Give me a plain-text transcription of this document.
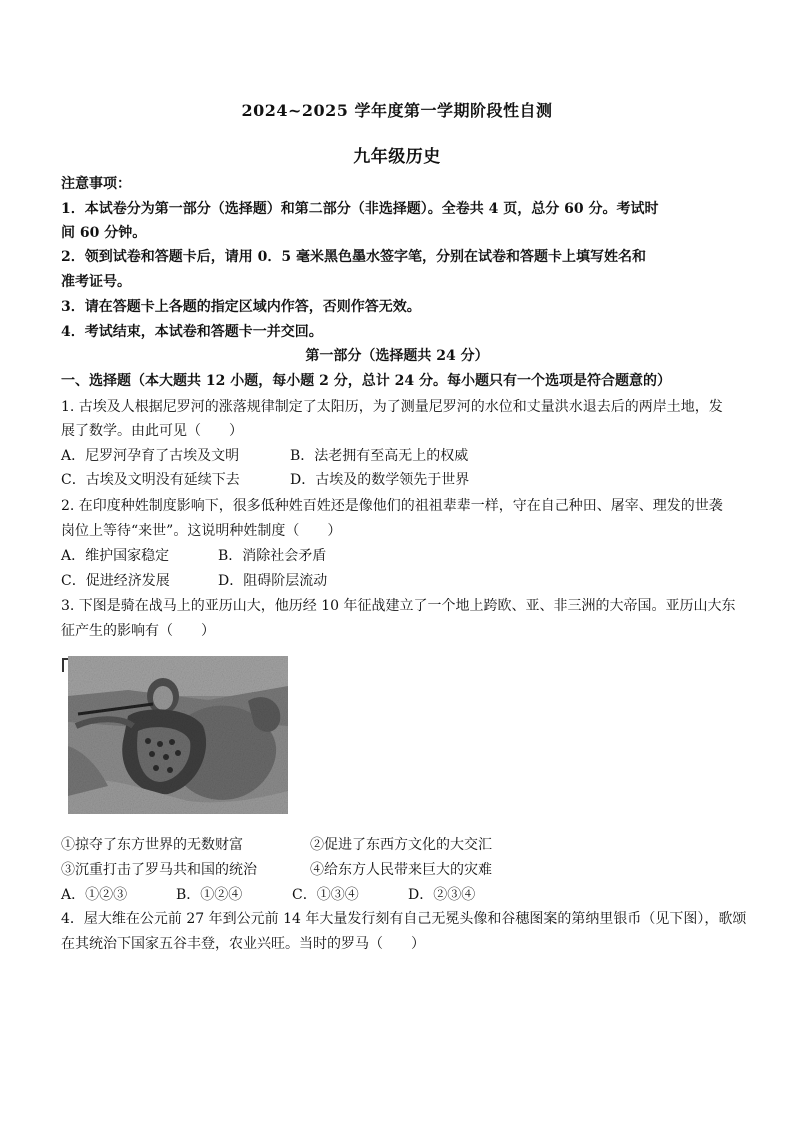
2024~2025 学年度第一学期阶段性自测
九年级历史
注意事项：
1．本试卷分为第一部分（选择题）和第二部分（非选择题）。全卷共 4 页，总分 60 分。考试时
间 60 分钟。
2．领到试卷和答题卡后，请用 0．5 毫米黑色墨水签字笔，分别在试卷和答题卡上填写姓名和
准考证号。
3．请在答题卡上各题的指定区域内作答，否则作答无效。
4．考试结束，本试卷和答题卡一并交回。
第一部分（选择题共 24 分）
一、选择题（本大题共 12 小题，每小题 2 分，总计 24 分。每小题只有一个选项是符合题意的）
1. 古埃及人根据尼罗河的涨落规律制定了太阳历，为了测量尼罗河的水位和丈量洪水退去后的两岸土地，发
展了数学。由此可见（　　）
A．尼罗河孕育了古埃及文明	B．法老拥有至高无上的权威
C．古埃及文明没有延续下去	D．古埃及的数学领先于世界
2. 在印度种姓制度影响下，很多低种姓百姓还是像他们的祖祖辈辈一样，守在自己种田、屠宰、理发的世袭
岗位上等待“来世”。这说明种姓制度（　　）
A．维护国家稳定	B．消除社会矛盾
C．促进经济发展	D．阻碍阶层流动
3. 下图是骑在战马上的亚历山大，他历经 10 年征战建立了一个地上跨欧、亚、非三洲的大帝国。亚历山大东
征产生的影响有（　　）
①掠夺了东方世界的无数财富	②促进了东西方文化的大交汇
③沉重打击了罗马共和国的统治	④给东方人民带来巨大的灾难
A．①②③	B．①②④	C．①③④	D．②③④
4．屋大维在公元前 27 年到公元前 14 年大量发行刻有自己无冕头像和谷穗图案的第纳里银币（见下图），歌颂
在其统治下国家五谷丰登，农业兴旺。当时的罗马（　　）
